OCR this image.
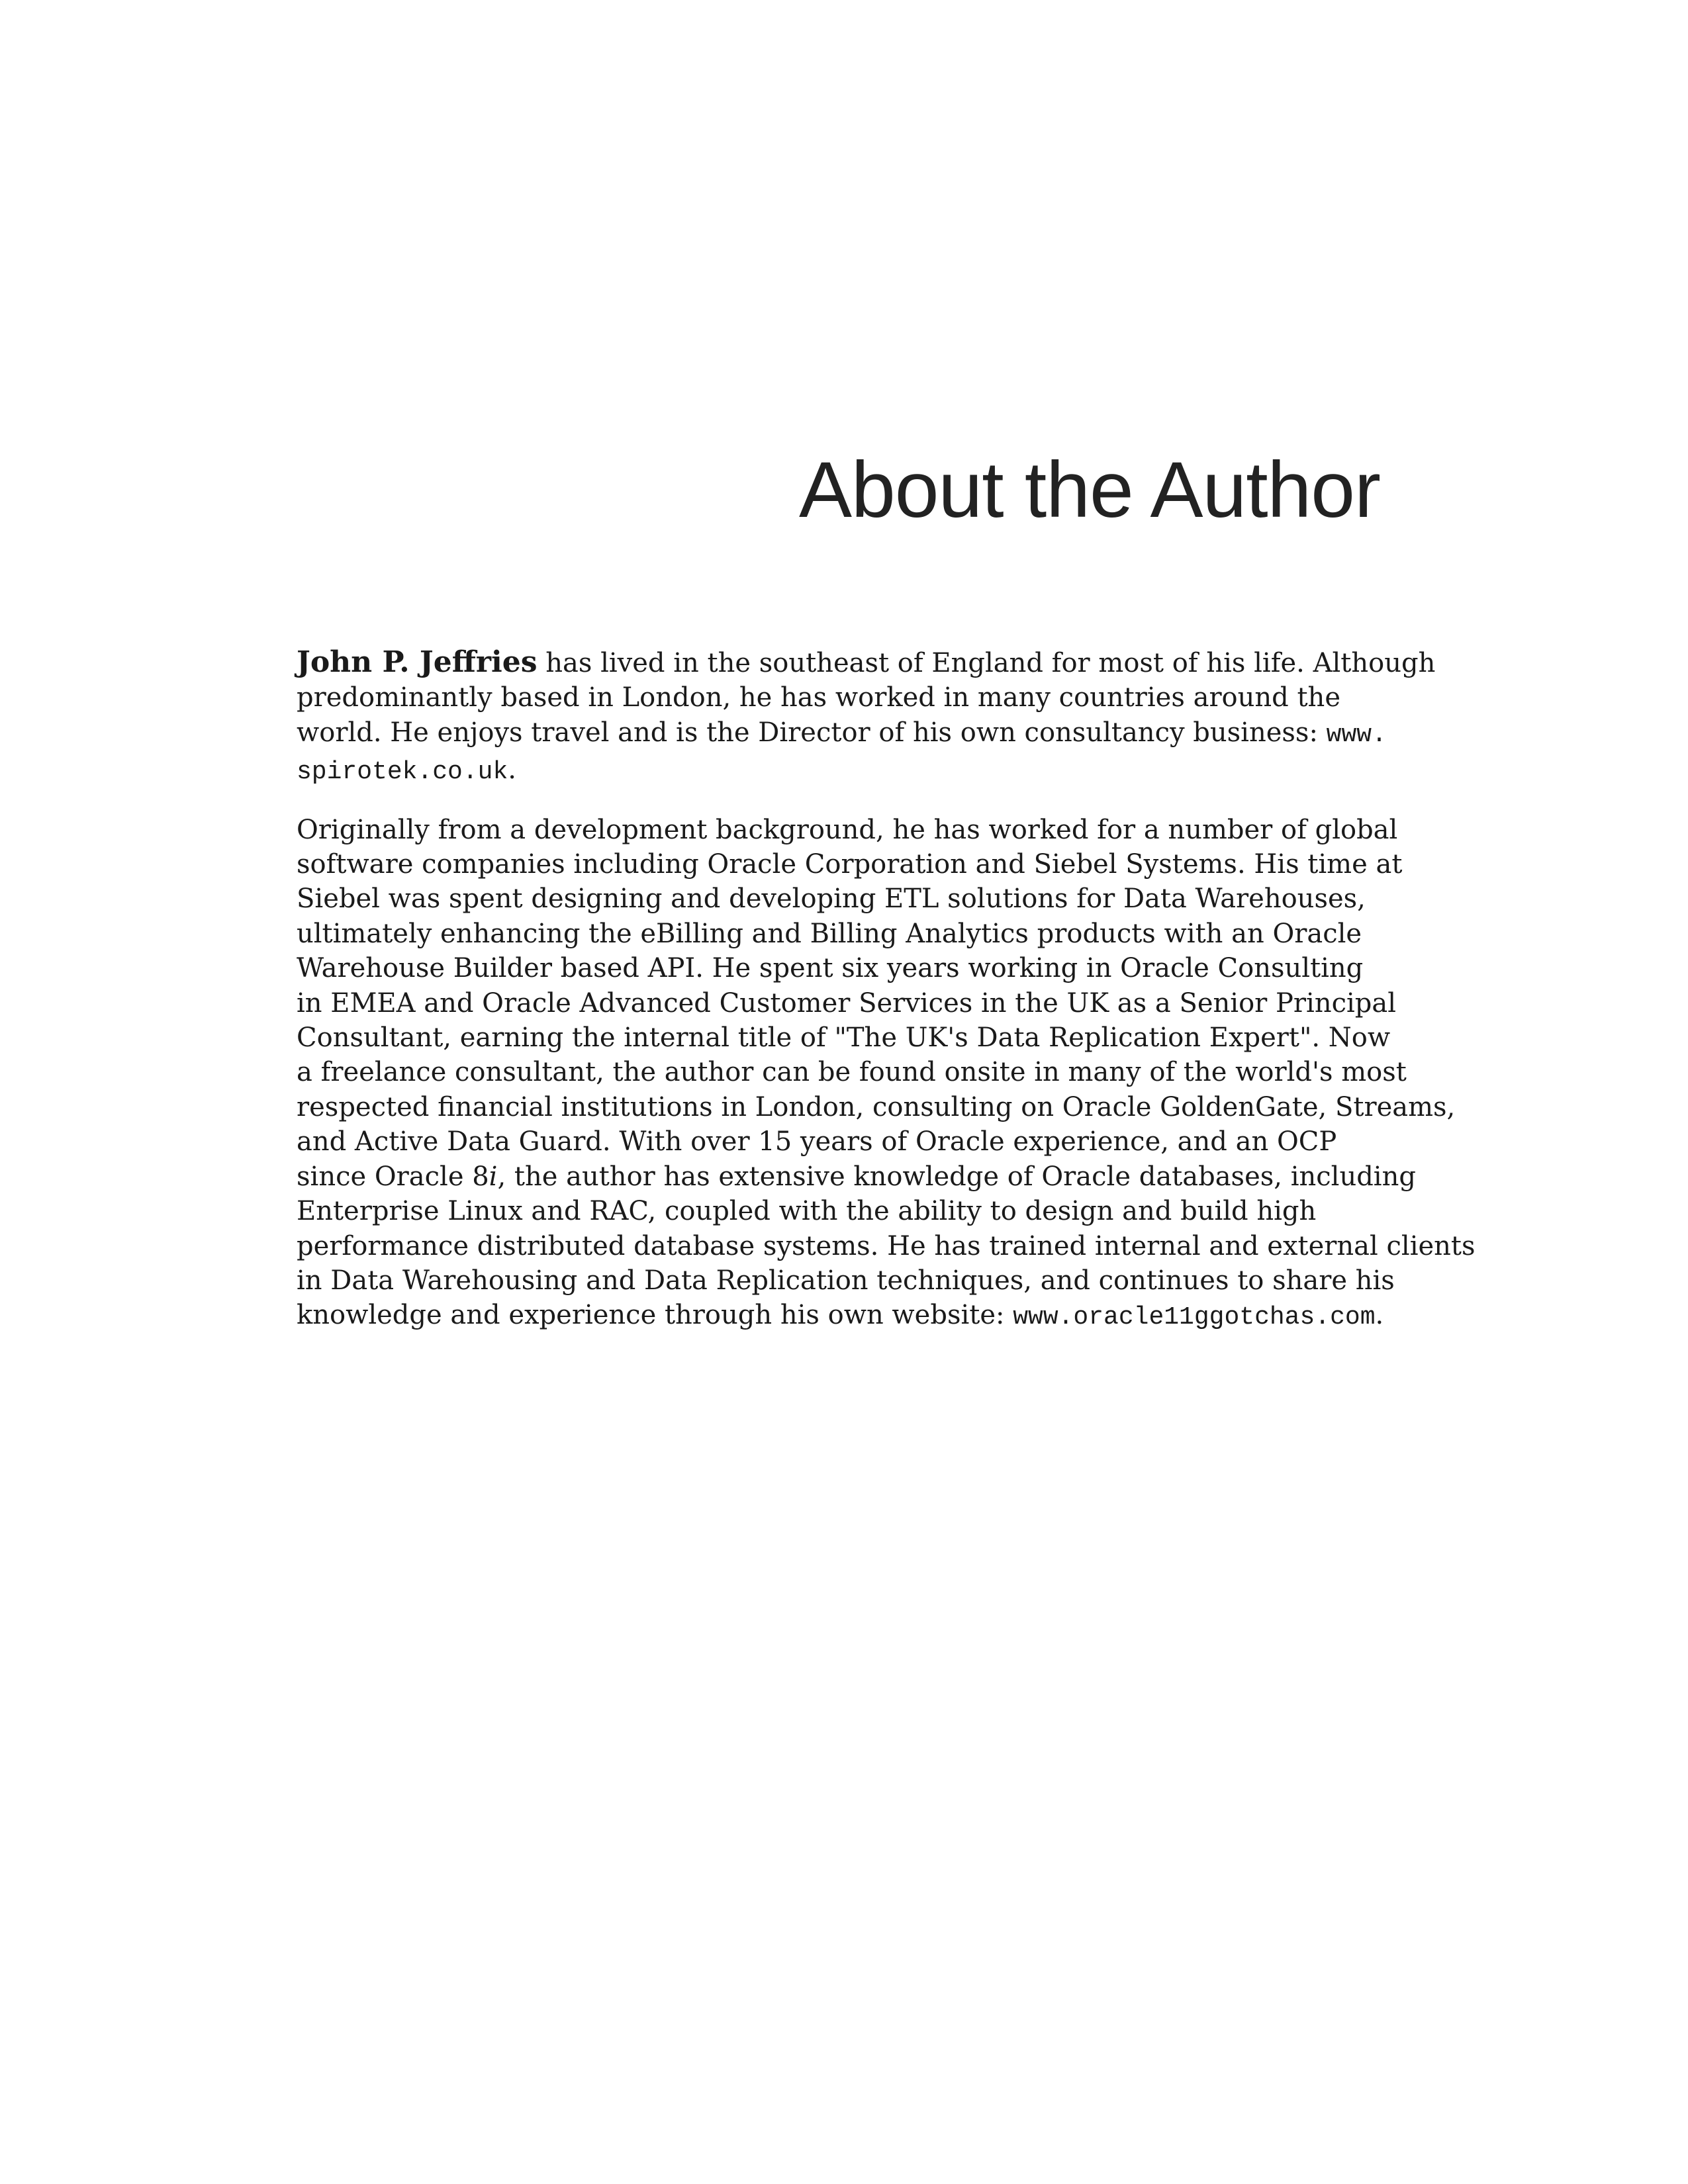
About the Author

John P. Jeffries has lived in the southeast of England for most of his life. Although
predominantly based in London, he has worked in many countries around the
world. He enjoys travel and is the Director of his own consultancy business: www.
spirotek.co.uk.

Originally from a development background, he has worked for a number of global
software companies including Oracle Corporation and Siebel Systems. His time at
Siebel was spent designing and developing ETL solutions for Data Warehouses,
ultimately enhancing the eBilling and Billing Analytics products with an Oracle
Warehouse Builder based API. He spent six years working in Oracle Consulting
in EMEA and Oracle Advanced Customer Services in the UK as a Senior Principal
Consultant, earning the internal title of "The UK's Data Replication Expert". Now
a freelance consultant, the author can be found onsite in many of the world's most
respected financial institutions in London, consulting on Oracle GoldenGate, Streams,
and Active Data Guard. With over 15 years of Oracle experience, and an OCP
since Oracle 8i, the author has extensive knowledge of Oracle databases, including
Enterprise Linux and RAC, coupled with the ability to design and build high
performance distributed database systems. He has trained internal and external clients
in Data Warehousing and Data Replication techniques, and continues to share his
knowledge and experience through his own website: www.oracle11ggotchas.com.
